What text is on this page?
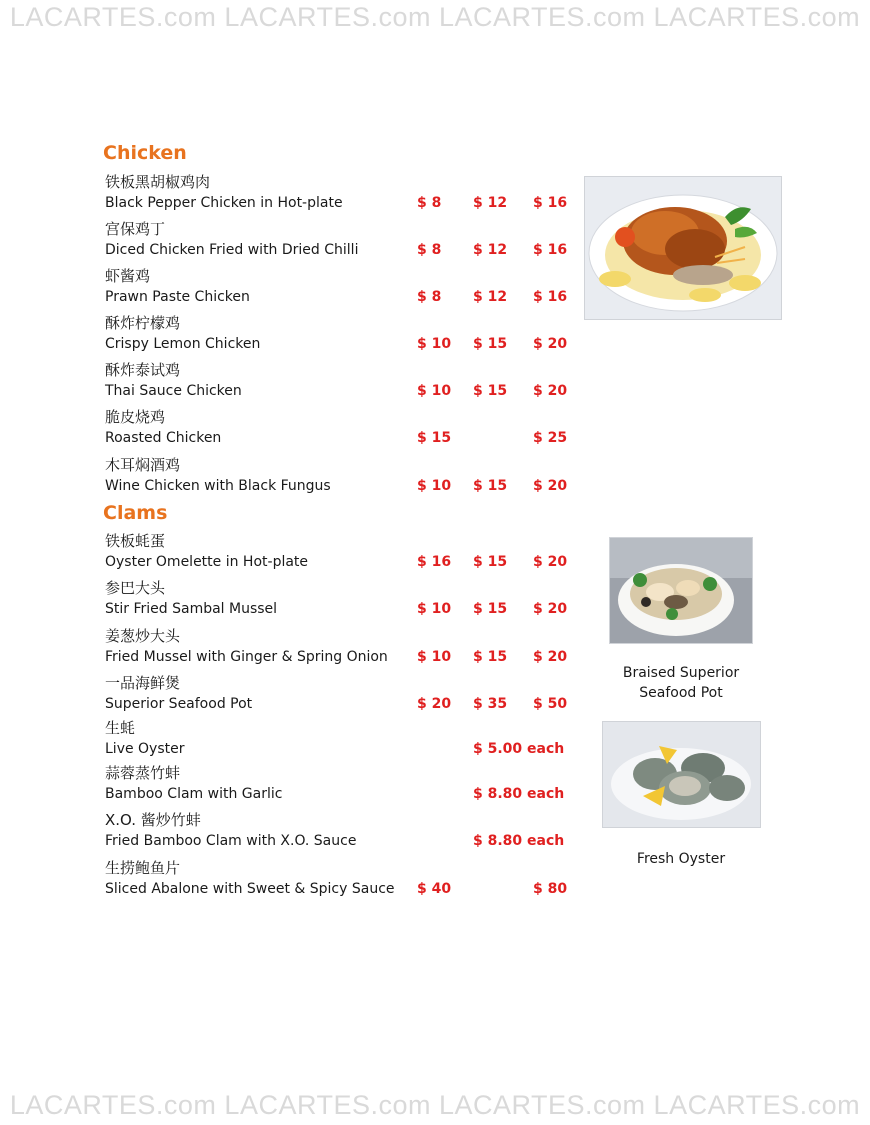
LACARTES.com LACARTES.com LACARTES.com LACARTES.com
Chicken
铁板黑胡椒鸡肉
Black Pepper Chicken in Hot-plate	$ 8 $ 12 $ 16
宫保鸡丁
Diced Chicken Fried with Dried Chilli	$ 8 $ 12 $ 16
虾酱鸡
Prawn Paste Chicken	$ 8 $ 12 $ 16
酥炸柠檬鸡
Crispy Lemon Chicken	$ 10 $ 15 $ 20
酥炸泰试鸡
Thai Sauce Chicken	$ 10 $ 15 $ 20
脆皮烧鸡
Roasted Chicken	$ 15	$ 25
木耳焖酒鸡
Wine Chicken with Black Fungus	$ 10 $ 15 $ 20
Clams
铁板蚝蛋
Oyster Omelette in Hot-plate	$ 16 $ 15 $ 20
参巴大头
Stir Fried Sambal Mussel	$ 10 $ 15 $ 20
姜葱炒大头
Fried Mussel with Ginger & Spring Onion $ 10 $ 15 $ 20
一品海鲜煲
Superior Seafood Pot	$ 20 $ 35 $ 50
生蚝
Live Oyster	$ 5.00 each
蒜蓉蒸竹蚌
Bamboo Clam with Garlic	$ 8.80 each
X.O. 酱炒竹蚌
Fried Bamboo Clam with X.O. Sauce	$ 8.80 each
生捞鲍鱼片
Sliced Abalone with Sweet & Spicy Sauce $ 40	$ 80
Braised Superior Seafood Pot
Fresh Oyster
LACARTES.com LACARTES.com LACARTES.com LACARTES.com
